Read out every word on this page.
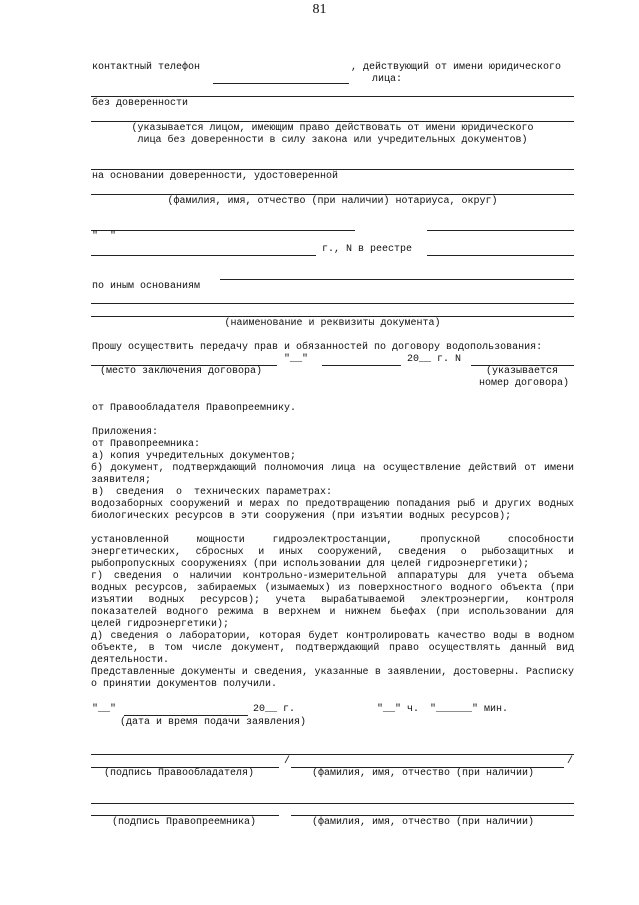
81
контактный телефон	, действующий от имени юридического
лица:
без доверенности
(указывается лицом, имеющим право действовать от имени юридического
лица без доверенности в силу закона или учредительных документов)
на основании доверенности, удостоверенной
(фамилия, имя, отчество (при наличии) нотариуса, округ)
"  "
г., N в реестре
по иным основаниям
(наименование и реквизиты документа)
Прошу осуществить передачу прав и обязанностей по договору водопользования:
"__"	20__ г. N
(место заключения договора)	(указывается
номер договора)
от Правообладателя Правопреемнику.
Приложения:
от Правопреемника:
а) копия учредительных документов;
б) документ, подтверждающий полномочия лица на осуществление действий от имени заявителя;
в)  сведения  о  технических параметрах:
водозаборных сооружений и мерах по предотвращению попадания рыб и других водных биологических ресурсов в эти сооружения (при изъятии водных ресурсов);
установленной мощности гидроэлектростанции, пропускной способности энергетических, сбросных и иных сооружений, сведения о рыбозащитных и рыбопропускных сооружениях (при использовании для целей гидроэнергетики);
г) сведения о наличии контрольно-измерительной аппаратуры для учета объема водных ресурсов, забираемых (изымаемых) из поверхностного водного объекта (при изъятии водных ресурсов); учета вырабатываемой электроэнергии, контроля показателей водного режима в верхнем и нижнем бьефах (при использовании для целей гидроэнергетики);
д) сведения о лаборатории, которая будет контролировать качество воды в водном объекте, в том числе документ, подтверждающий право осуществлять данный вид деятельности.
Представленные документы и сведения, указанные в заявлении, достоверны. Расписку о принятии документов получили.
"__"	20__ г.	"__" ч. "______" мин.
(дата и время подачи заявления)
/	/
(подпись Правообладателя)	(фамилия, имя, отчество (при наличии)
(подпись Правопреемника)	(фамилия, имя, отчество (при наличии)
